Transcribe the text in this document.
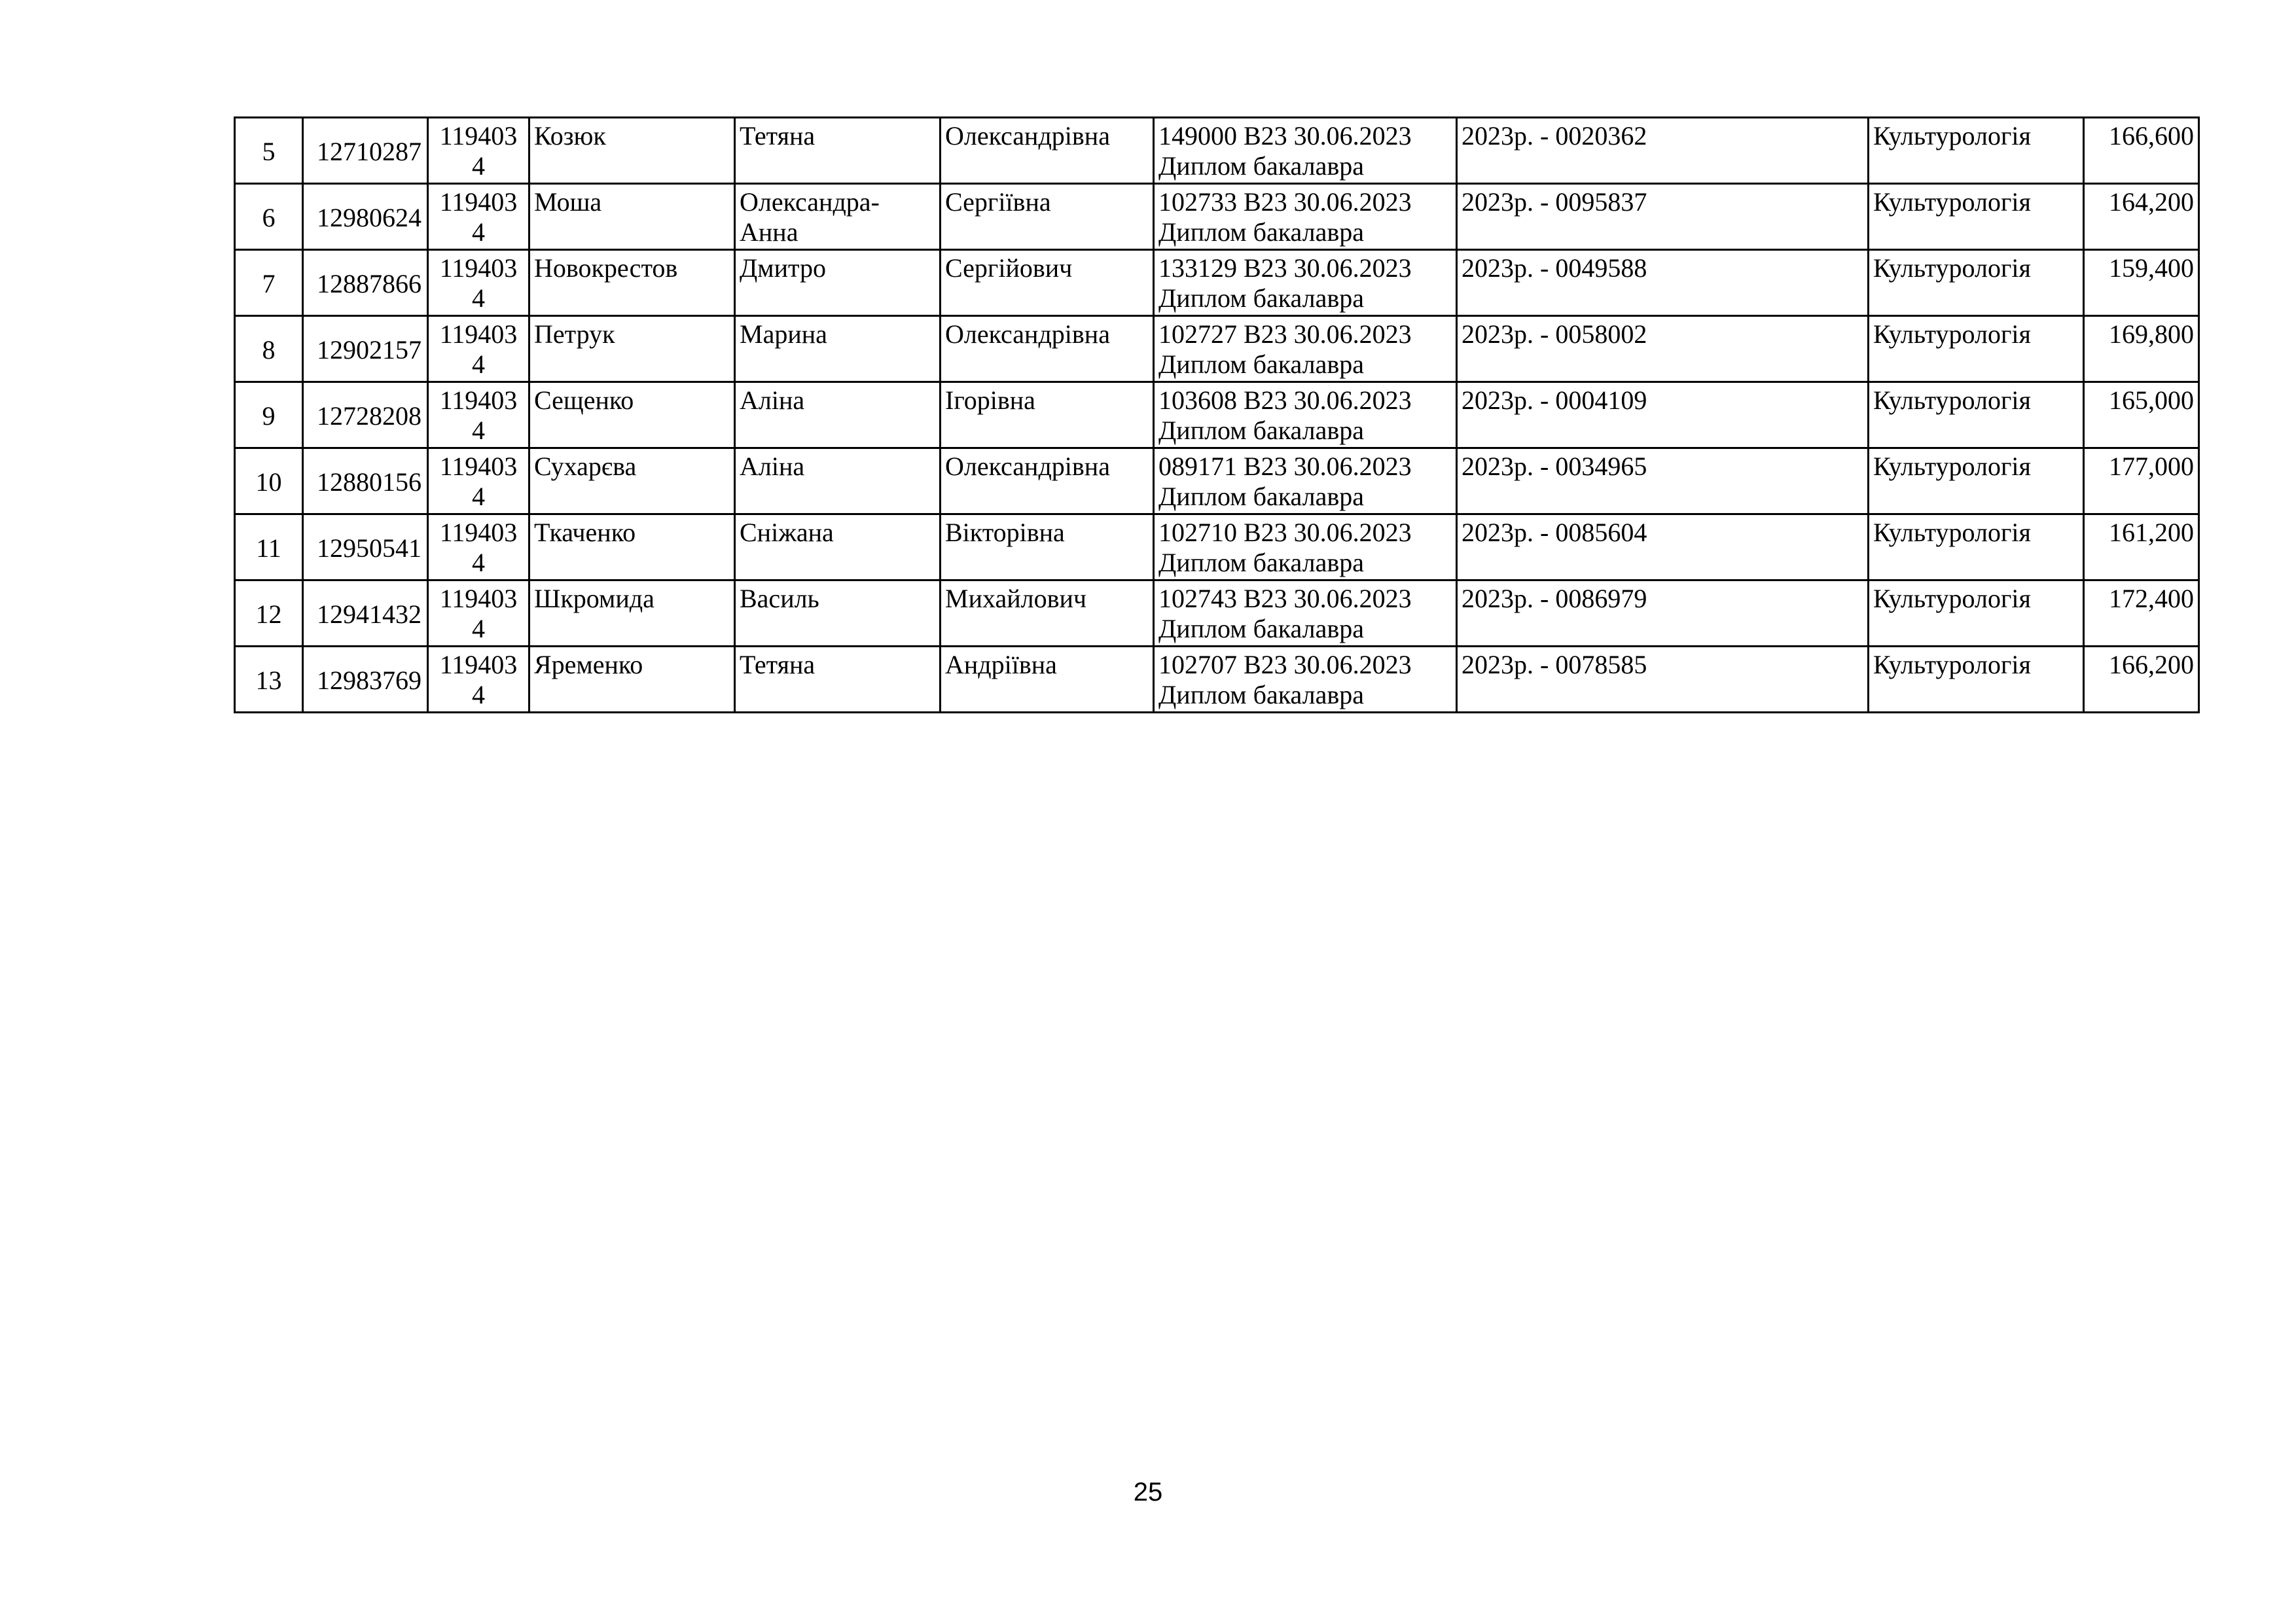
5	12710287	119403 4	Козюк	Тетяна	Олександрівна	149000 В23 30.06.2023 Диплом бакалавра	2023р. - 0020362	Культурологія	166,600
6	12980624	119403 4	Моша	Олександра-Анна	Сергіївна	102733 В23 30.06.2023 Диплом бакалавра	2023р. - 0095837	Культурологія	164,200
7	12887866	119403 4	Новокрестов	Дмитро	Сергійович	133129 В23 30.06.2023 Диплом бакалавра	2023р. - 0049588	Культурологія	159,400
8	12902157	119403 4	Петрук	Марина	Олександрівна	102727 В23 30.06.2023 Диплом бакалавра	2023р. - 0058002	Культурологія	169,800
9	12728208	119403 4	Сещенко	Аліна	Ігорівна	103608 В23 30.06.2023 Диплом бакалавра	2023р. - 0004109	Культурологія	165,000
10	12880156	119403 4	Сухарєва	Аліна	Олександрівна	089171 В23 30.06.2023 Диплом бакалавра	2023р. - 0034965	Культурологія	177,000
11	12950541	119403 4	Ткаченко	Сніжана	Вікторівна	102710 В23 30.06.2023 Диплом бакалавра	2023р. - 0085604	Культурологія	161,200
12	12941432	119403 4	Шкромида	Василь	Михайлович	102743 В23 30.06.2023 Диплом бакалавра	2023р. - 0086979	Культурологія	172,400
13	12983769	119403 4	Яременко	Тетяна	Андріївна	102707 В23 30.06.2023 Диплом бакалавра	2023р. - 0078585	Культурологія	166,200
25
